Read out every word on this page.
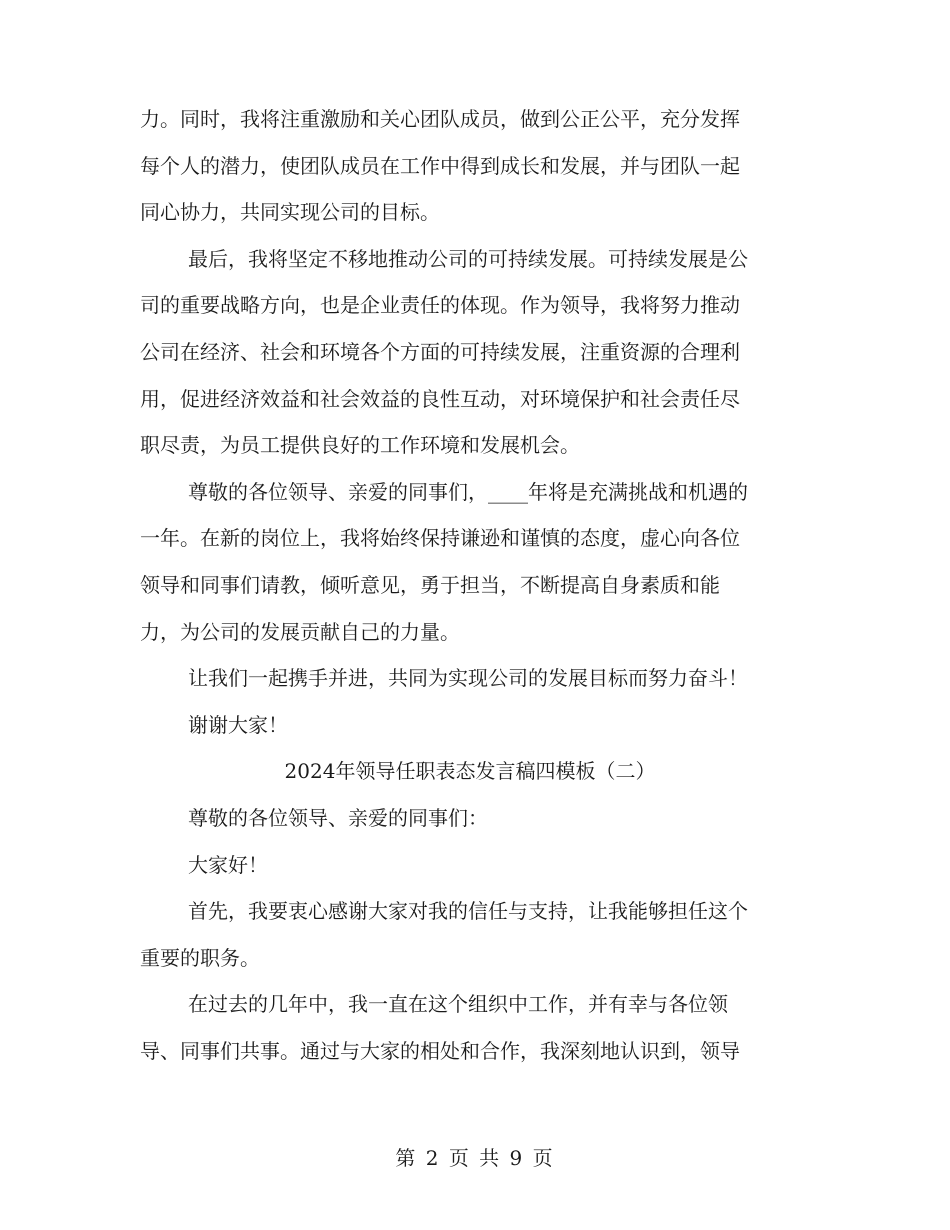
力。同时，我将注重激励和关心团队成员，做到公正公平，充分发挥
每个人的潜力，使团队成员在工作中得到成长和发展，并与团队一起
同心协力，共同实现公司的目标。
最后，我将坚定不移地推动公司的可持续发展。可持续发展是公
司的重要战略方向，也是企业责任的体现。作为领导，我将努力推动
公司在经济、社会和环境各个方面的可持续发展，注重资源的合理利
用，促进经济效益和社会效益的良性互动，对环境保护和社会责任尽
职尽责，为员工提供良好的工作环境和发展机会。
尊敬的各位领导、亲爱的同事们，____年将是充满挑战和机遇的
一年。在新的岗位上，我将始终保持谦逊和谨慎的态度，虚心向各位
领导和同事们请教，倾听意见，勇于担当，不断提高自身素质和能
力，为公司的发展贡献自己的力量。
让我们一起携手并进，共同为实现公司的发展目标而努力奋斗！
谢谢大家！
2024年领导任职表态发言稿四模板（二）
尊敬的各位领导、亲爱的同事们：
大家好！
首先，我要衷心感谢大家对我的信任与支持，让我能够担任这个
重要的职务。
在过去的几年中，我一直在这个组织中工作，并有幸与各位领
导、同事们共事。通过与大家的相处和合作，我深刻地认识到，领导
第 2 页 共 9 页
